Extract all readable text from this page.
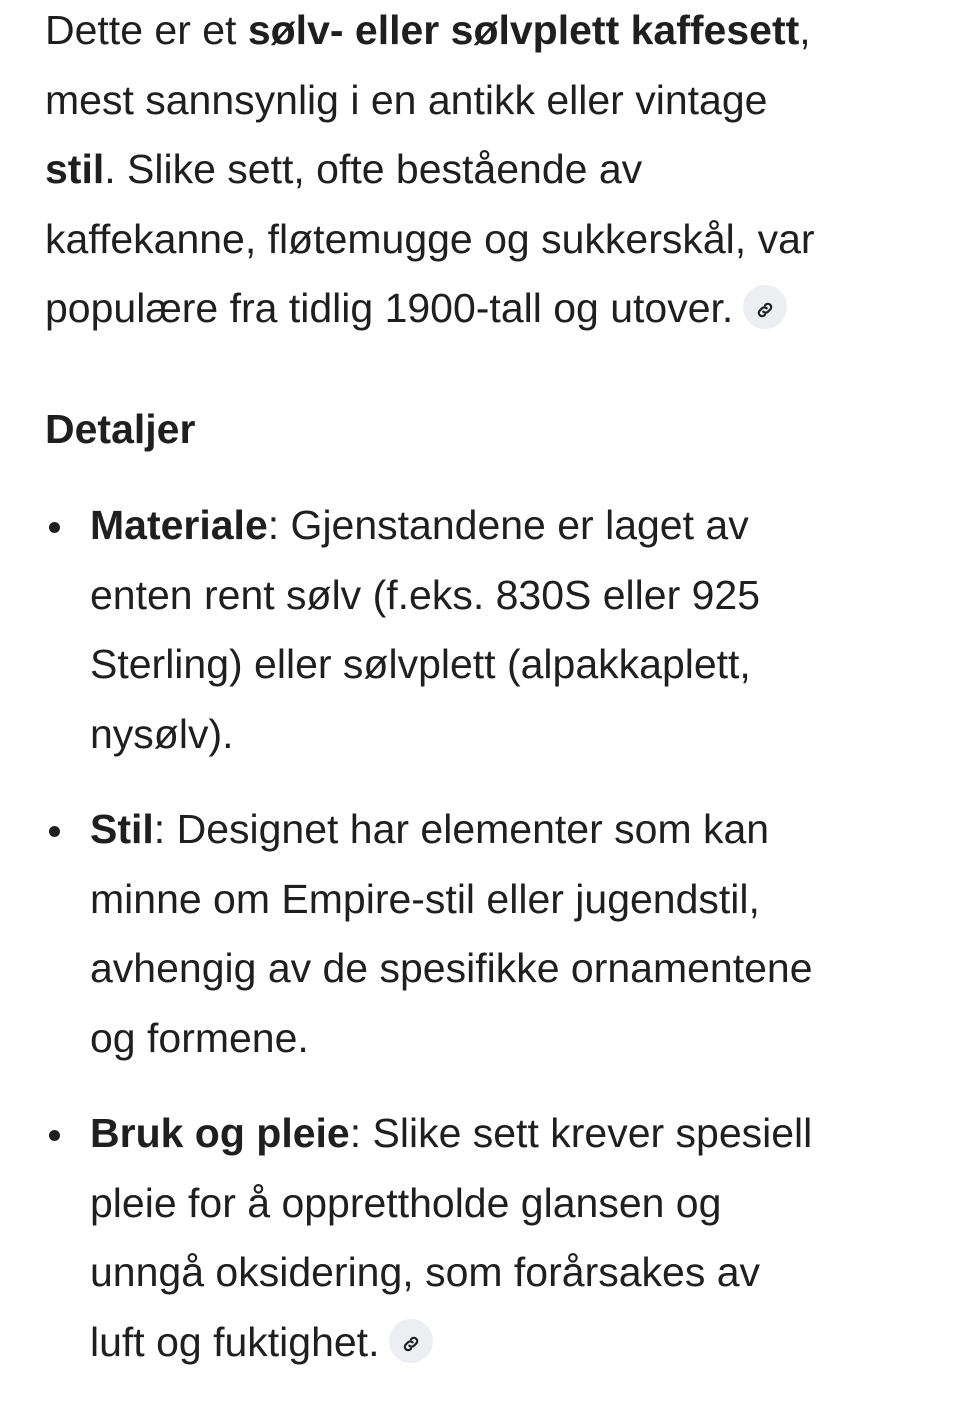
Dette er et sølv- eller sølvplett kaffesett,
mest sannsynlig i en antikk eller vintage
stil. Slike sett, ofte bestående av
kaffekanne, fløtemugge og sukkerskål, var
populære fra tidlig 1900-tall og utover.
Detaljer
Materiale: Gjenstandene er laget av
enten rent sølv (f.eks. 830S eller 925
Sterling) eller sølvplett (alpakkaplett,
nysølv).
Stil: Designet har elementer som kan
minne om Empire-stil eller jugendstil,
avhengig av de spesifikke ornamentene
og formene.
Bruk og pleie: Slike sett krever spesiell
pleie for å opprettholde glansen og
unngå oksidering, som forårsakes av
luft og fuktighet.
